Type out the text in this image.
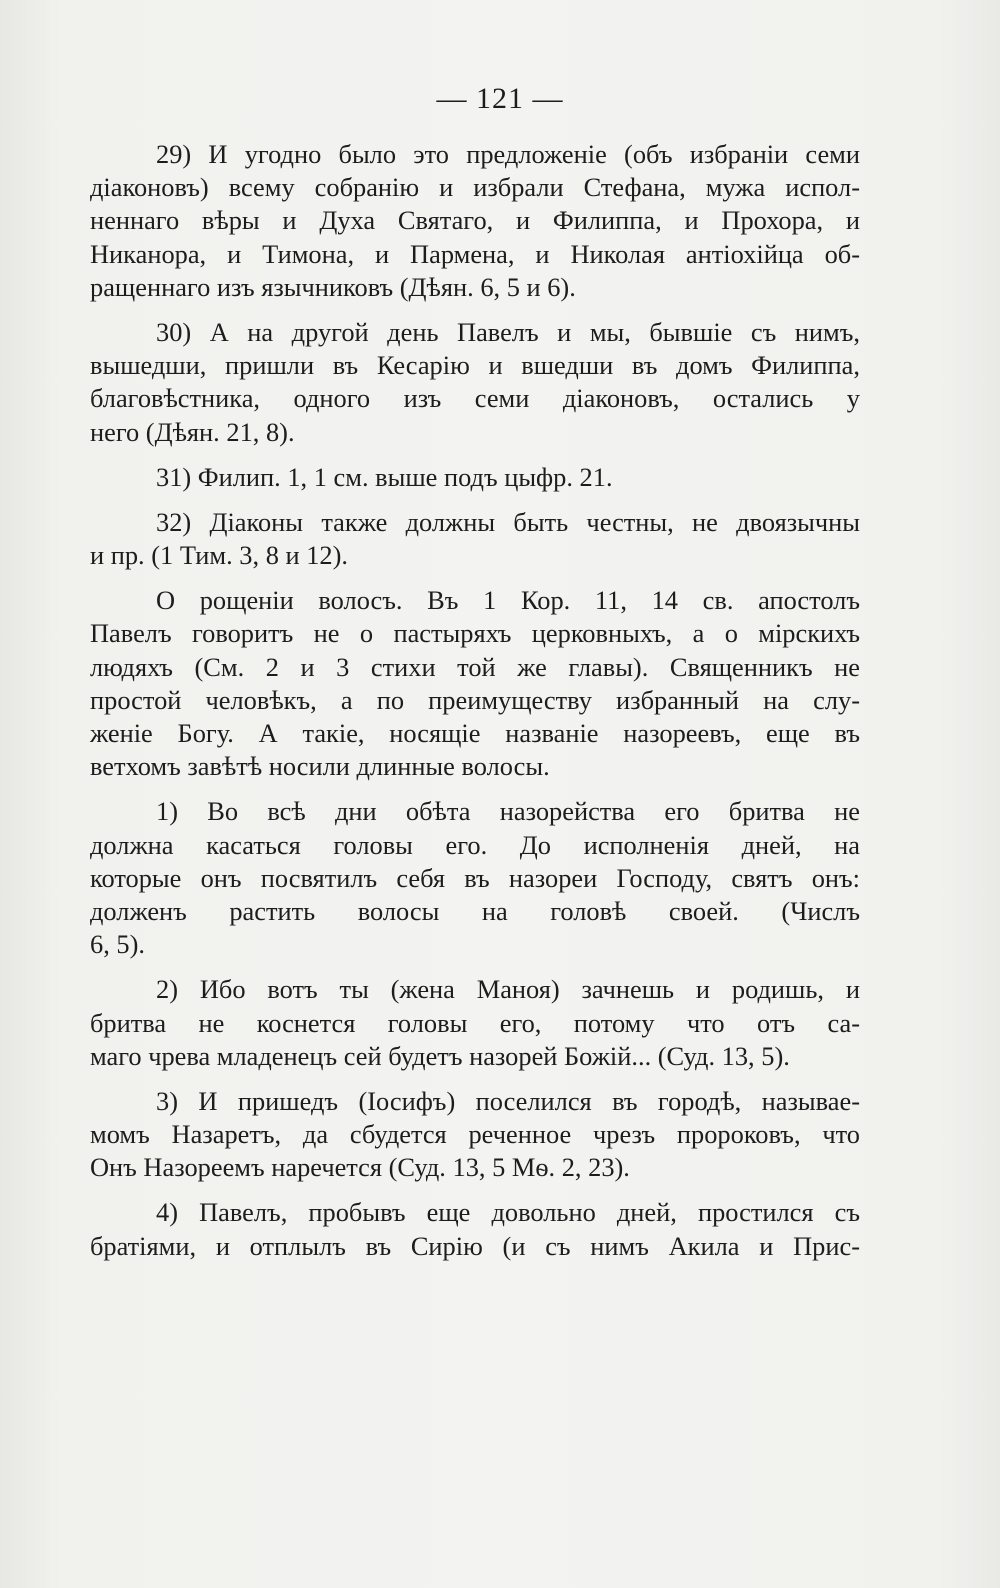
— 121 —
29) И угодно было это предложеніе (объ избраніи семи
діаконовъ) всему собранію и избрали Стефана, мужа испол-
неннаго вѣры и Духа Святаго, и Филиппа, и Прохора, и
Никанора, и Тимона, и Пармена, и Николая антіохійца об-
ращеннаго изъ язычниковъ (Дѣян. 6, 5 и 6).
30) А на другой день Павелъ и мы, бывшіе съ нимъ,
вышедши, пришли въ Кесарію и вшедши въ домъ Филиппа,
благовѣстника, одного изъ семи діаконовъ, остались у
него (Дѣян. 21, 8).
31) Филип. 1, 1 см. выше подъ цыфр. 21.
32) Діаконы также должны быть честны, не двоязычны
и пр. (1 Тим. 3, 8 и 12).
О рощеніи волосъ. Въ 1 Кор. 11, 14 св. апостолъ
Павелъ говоритъ не о пастыряхъ церковныхъ, а о мірскихъ
людяхъ (См. 2 и 3 стихи той же главы). Священникъ не
простой человѣкъ, а по преимуществу избранный на слу-
женіе Богу. А такіе, носящіе названіе назореевъ, еще въ
ветхомъ завѣтѣ носили длинные волосы.
1) Во всѣ дни обѣта назорейства его бритва не
должна касаться головы его. До исполненія дней, на
которые онъ посвятилъ себя въ назореи Господу, святъ онъ:
долженъ растить волосы на головѣ своей. (Числъ
6, 5).
2) Ибо вотъ ты (жена Маноя) зачнешь и родишь, и
бритва не коснется головы его, потому что отъ са-
маго чрева младенецъ сей будетъ назорей Божій... (Суд. 13, 5).
3) И пришедъ (Іосифъ) поселился въ городѣ, называе-
момъ Назаретъ, да сбудется реченное чрезъ пророковъ, что
Онъ Назореемъ наречется (Суд. 13, 5 Мѳ. 2, 23).
4) Павелъ, пробывъ еще довольно дней, простился съ
братіями, и отплылъ въ Сирію (и съ нимъ Акила и Прис-
